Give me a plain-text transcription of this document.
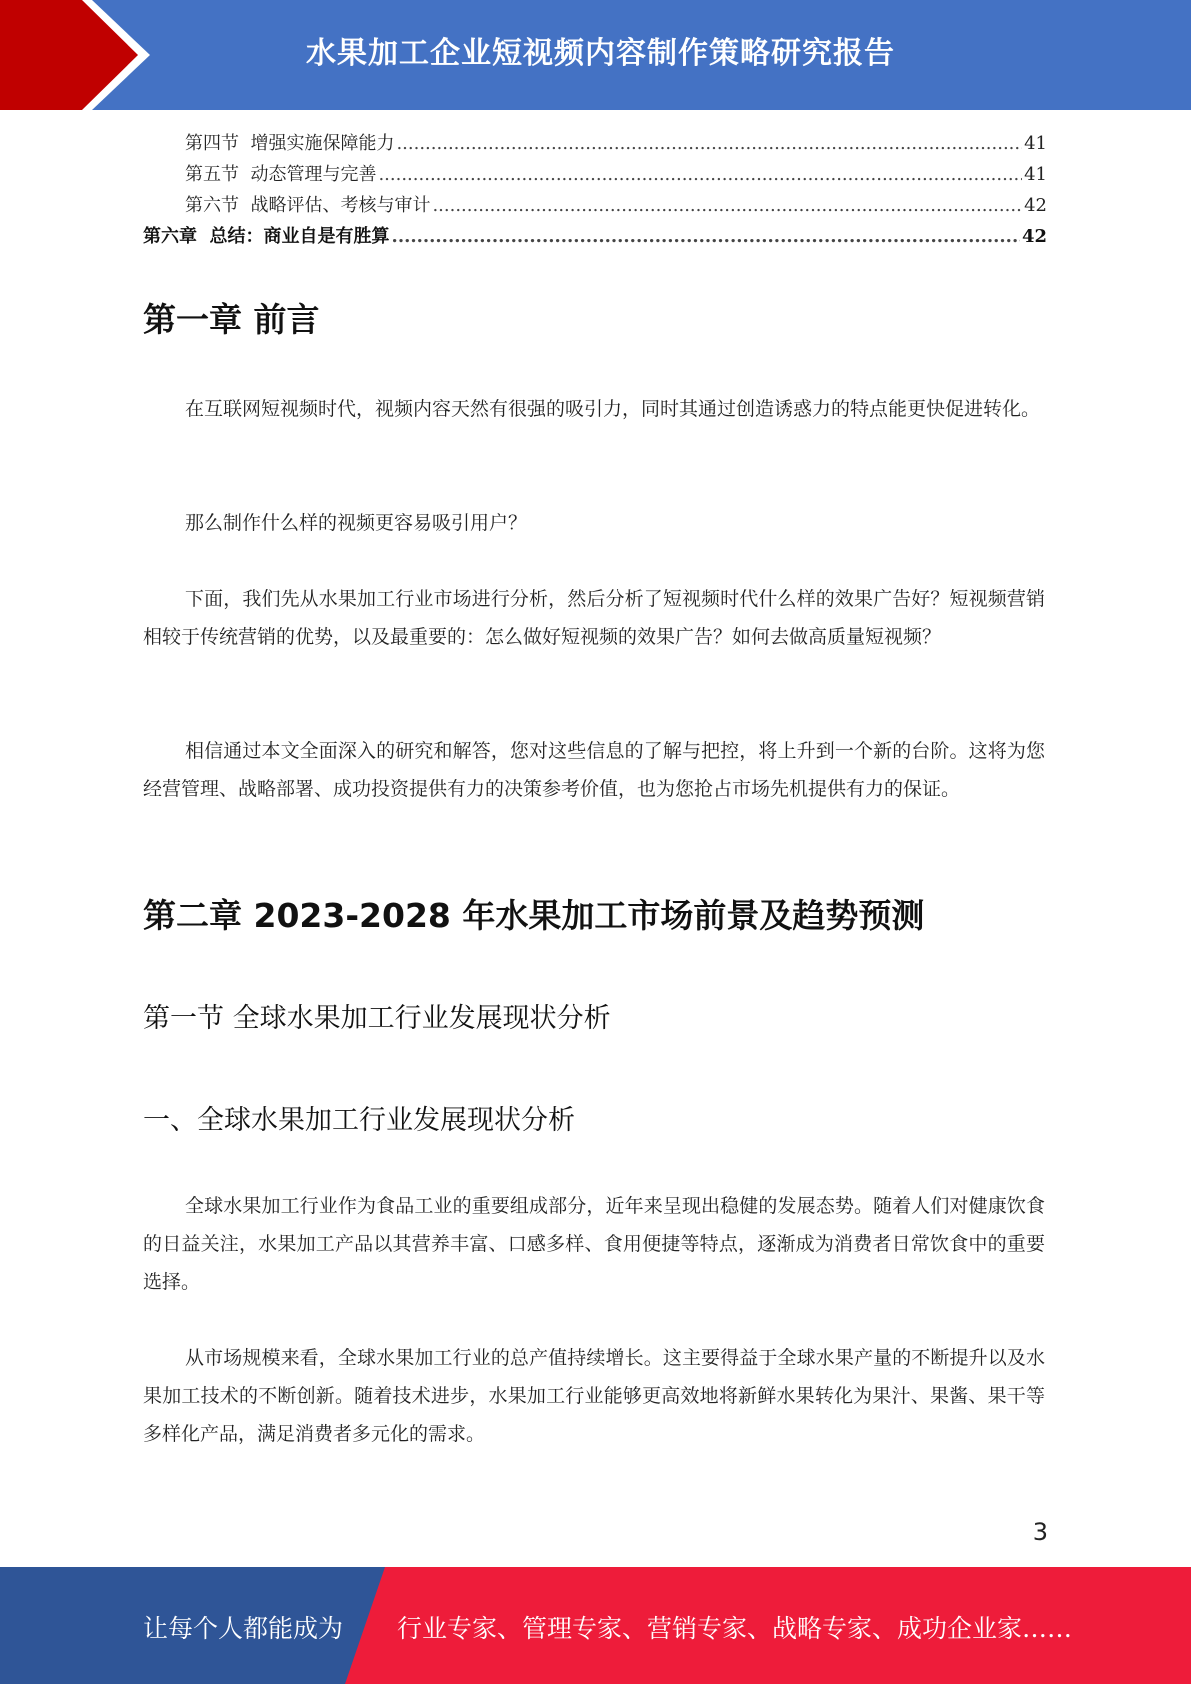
水果加工企业短视频内容制作策略研究报告
第四节  增强实施保障能力 .....	41
第五节  动态管理与完善 .....	41
第六节  战略评估、考核与审计 .....	42
第六章  总结：商业自是有胜算 .....	42
第一章 前言

在互联网短视频时代，视频内容天然有很强的吸引力，同时其通过创造诱惑力的特点能更快促进转化。

那么制作什么样的视频更容易吸引用户？

下面，我们先从水果加工行业市场进行分析，然后分析了短视频时代什么样的效果广告好？短视频营销相较于传统营销的优势，以及最重要的：怎么做好短视频的效果广告？如何去做高质量短视频？

相信通过本文全面深入的研究和解答，您对这些信息的了解与把控，将上升到一个新的台阶。这将为您经营管理、战略部署、成功投资提供有力的决策参考价值，也为您抢占市场先机提供有力的保证。

第二章 2023-2028 年水果加工市场前景及趋势预测
第一节 全球水果加工行业发展现状分析
一、全球水果加工行业发展现状分析

全球水果加工行业作为食品工业的重要组成部分，近年来呈现出稳健的发展态势。随着人们对健康饮食的日益关注，水果加工产品以其营养丰富、口感多样、食用便捷等特点，逐渐成为消费者日常饮食中的重要选择。

从市场规模来看，全球水果加工行业的总产值持续增长。这主要得益于全球水果产量的不断提升以及水果加工技术的不断创新。随着技术进步，水果加工行业能够更高效地将新鲜水果转化为果汁、果酱、果干等多样化产品，满足消费者多元化的需求。

3
让每个人都能成为 行业专家、管理专家、营销专家、战略专家、成功企业家……
